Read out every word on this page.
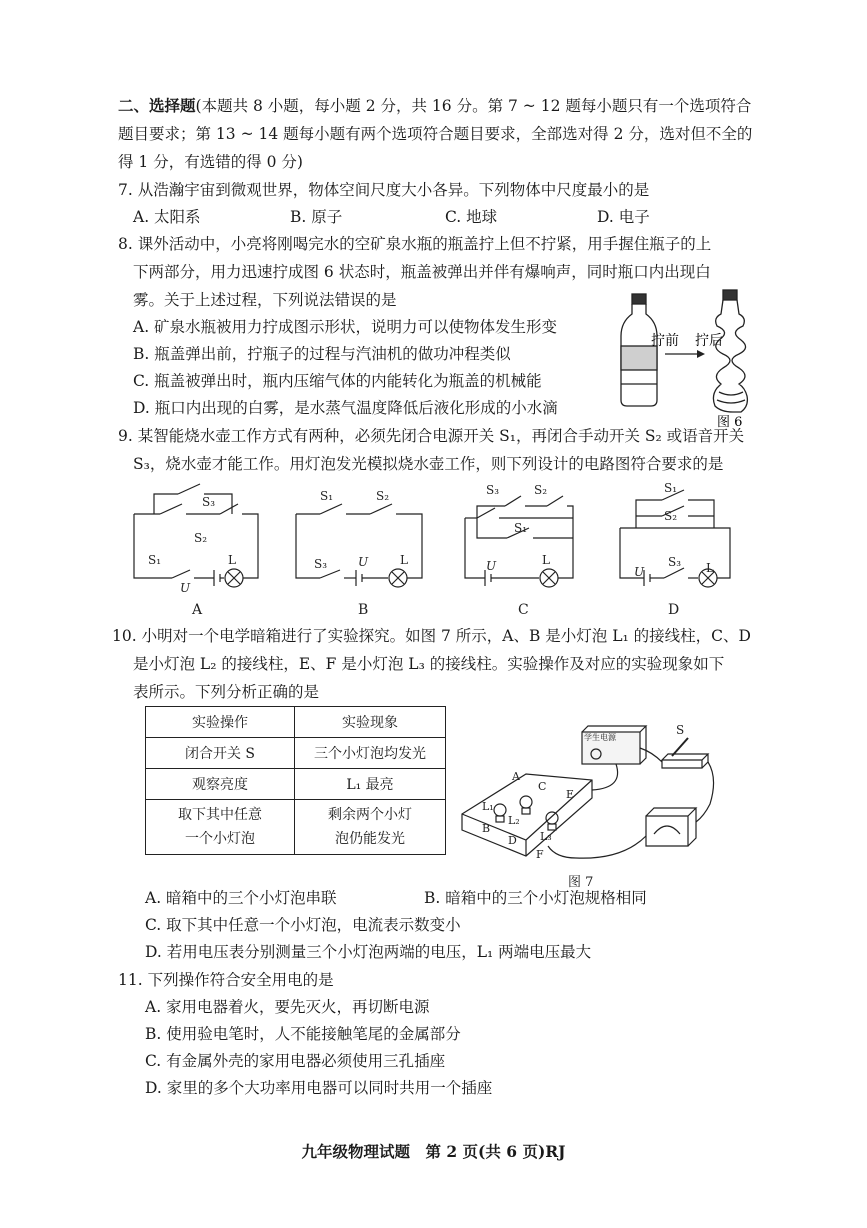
二、选择题(本题共 8 小题，每小题 2 分，共 16 分。第 7 ~ 12 题每小题只有一个选项符合
题目要求；第 13 ~ 14 题每小题有两个选项符合题目要求，全部选对得 2 分，选对但不全的
得 1 分，有选错的得 0 分)
7. 从浩瀚宇宙到微观世界，物体空间尺度大小各异。下列物体中尺度最小的是
A. 太阳系	B. 原子	C. 地球	D. 电子
8. 课外活动中，小亮将刚喝完水的空矿泉水瓶的瓶盖拧上但不拧紧，用手握住瓶子的上
下两部分，用力迅速拧成图 6 状态时，瓶盖被弹出并伴有爆响声，同时瓶口内出现白
雾。关于上述过程，下列说法错误的是
A. 矿泉水瓶被用力拧成图示形状，说明力可以使物体发生形变
B. 瓶盖弹出前，拧瓶子的过程与汽油机的做功冲程类似
C. 瓶盖被弹出时，瓶内压缩气体的内能转化为瓶盖的机械能
D. 瓶口内出现的白雾，是水蒸气温度降低后液化形成的小水滴
拧前 拧后
图 6
9. 某智能烧水壶工作方式有两种，必须先闭合电源开关 S₁，再闭合手动开关 S₂ 或语音开关
S₃，烧水壶才能工作。用灯泡发光模拟烧水壶工作，则下列设计的电路图符合要求的是
S₃
S₂
S₁
U
L
A
S₁	S₂
S₃	U	L
B
S₃	S₂
S₁
U	L
C
S₁
S₂
S₃
U	L
D
10. 小明对一个电学暗箱进行了实验探究。如图 7 所示，A、B 是小灯泡 L₁ 的接线柱，C、D
是小灯泡 L₂ 的接线柱，E、F 是小灯泡 L₃ 的接线柱。实验操作及对应的实验现象如下
表所示。下列分析正确的是
实验操作	实验现象
闭合开关 S	三个小灯泡均发光
观察亮度	L₁ 最亮
取下其中任意
一个小灯泡	剩余两个小灯
泡仍能发光
学生电源
S
A
B
C
D
E
F
L₁
L₂
L₃
图 7
A. 暗箱中的三个小灯泡串联	B. 暗箱中的三个小灯泡规格相同
C. 取下其中任意一个小灯泡，电流表示数变小
D. 若用电压表分别测量三个小灯泡两端的电压，L₁ 两端电压最大
11. 下列操作符合安全用电的是
A. 家用电器着火，要先灭火，再切断电源
B. 使用验电笔时，人不能接触笔尾的金属部分
C. 有金属外壳的家用电器必须使用三孔插座
D. 家里的多个大功率用电器可以同时共用一个插座
九年级物理试题　第 2 页(共 6 页)RJ
